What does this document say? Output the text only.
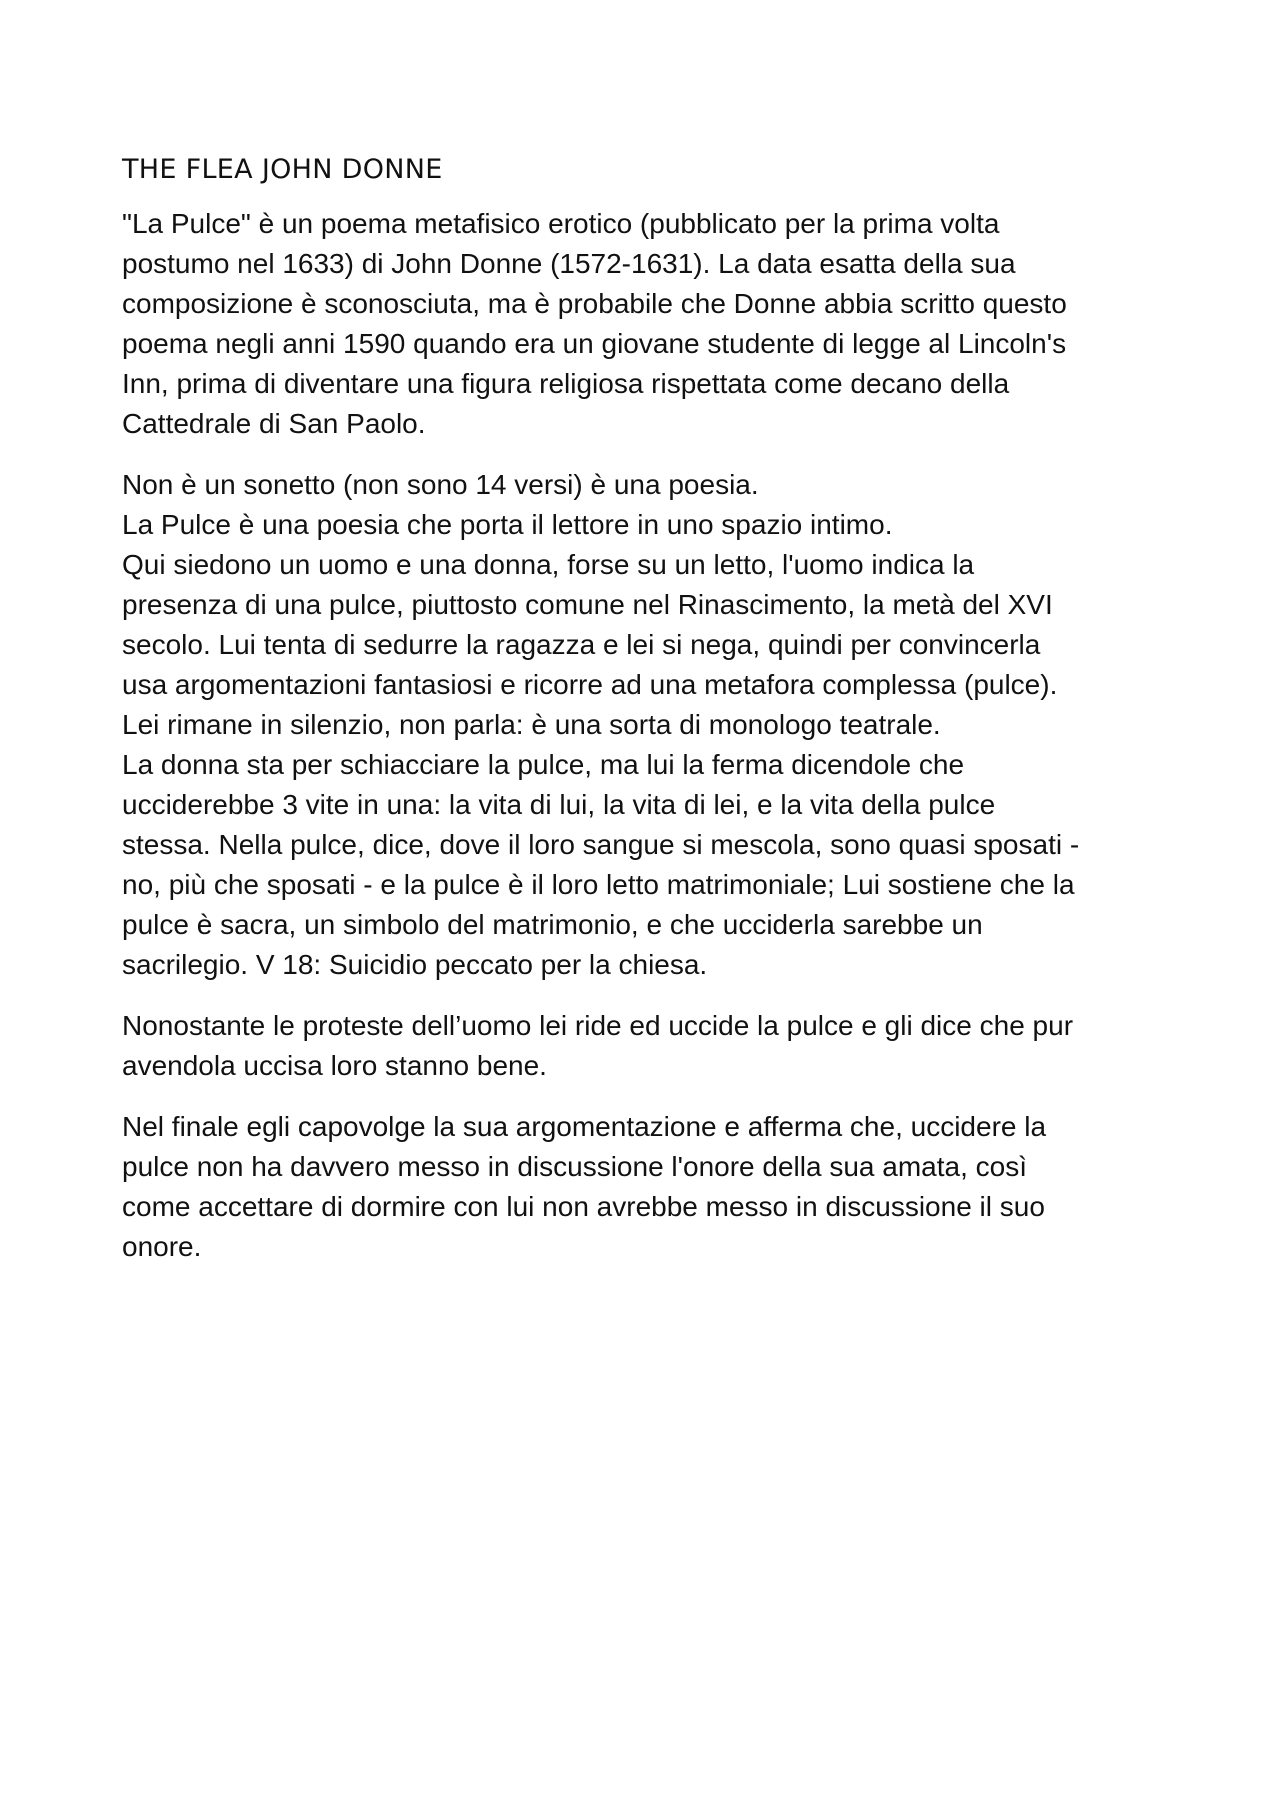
THE FLEA JOHN DONNE

"La Pulce" è un poema metafisico erotico (pubblicato per la prima volta
postumo nel 1633) di John Donne (1572-1631). La data esatta della sua
composizione è sconosciuta, ma è probabile che Donne abbia scritto questo
poema negli anni 1590 quando era un giovane studente di legge al Lincoln's
Inn, prima di diventare una figura religiosa rispettata come decano della
Cattedrale di San Paolo.

Non è un sonetto (non sono 14 versi) è una poesia.
La Pulce è una poesia che porta il lettore in uno spazio intimo.
Qui siedono un uomo e una donna, forse su un letto, l'uomo indica la
presenza di una pulce, piuttosto comune nel Rinascimento, la metà del XVI
secolo. Lui tenta di sedurre la ragazza e lei si nega, quindi per convincerla
usa argomentazioni fantasiosi e ricorre ad una metafora complessa (pulce).
Lei rimane in silenzio, non parla: è una sorta di monologo teatrale.
La donna sta per schiacciare la pulce, ma lui la ferma dicendole che
ucciderebbe 3 vite in una: la vita di lui, la vita di lei, e la vita della pulce
stessa. Nella pulce, dice, dove il loro sangue si mescola, sono quasi sposati -
no, più che sposati - e la pulce è il loro letto matrimoniale; Lui sostiene che la
pulce è sacra, un simbolo del matrimonio, e che ucciderla sarebbe un
sacrilegio. V 18: Suicidio peccato per la chiesa.

Nonostante le proteste dell’uomo lei ride ed uccide la pulce e gli dice che pur
avendola uccisa loro stanno bene.

Nel finale egli capovolge la sua argomentazione e afferma che, uccidere la
pulce non ha davvero messo in discussione l'onore della sua amata, così
come accettare di dormire con lui non avrebbe messo in discussione il suo
onore.
